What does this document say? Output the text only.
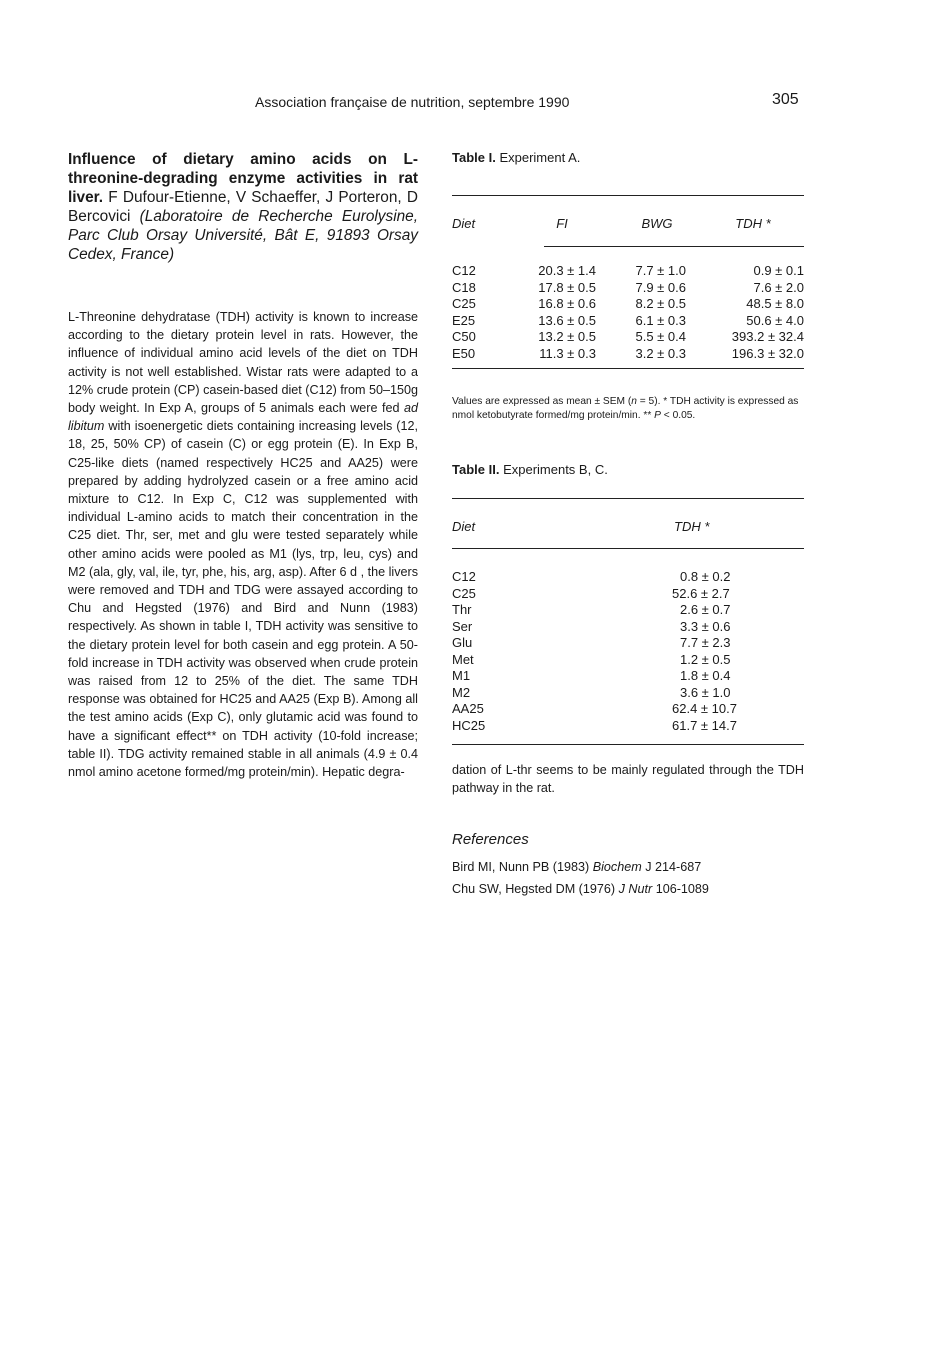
Association française de nutrition, septembre 1990	305

Influence of dietary amino acids on L-threonine-degrading enzyme activities in rat liver. F Dufour-Etienne, V Schaeffer, J Porteron, D Bercovici (Laboratoire de Recherche Eurolysine, Parc Club Orsay Université, Bât E, 91893 Orsay Cedex, France)

L-Threonine dehydratase (TDH) activity is known to increase according to the dietary protein level in rats. However, the influence of individual amino acid levels of the diet on TDH activity is not well established. Wistar rats were adapted to a 12% crude protein (CP) casein-based diet (C12) from 50–150g body weight. In Exp A, groups of 5 animals each were fed ad libitum with isoenergetic diets containing increasing levels (12, 18, 25, 50% CP) of casein (C) or egg protein (E). In Exp B, C25-like diets (named respectively HC25 and AA25) were prepared by adding hydrolyzed casein or a free amino acid mixture to C12. In Exp C, C12 was supplemented with individual L-amino acids to match their concentration in the C25 diet. Thr, ser, met and glu were tested separately while other amino acids were pooled as M1 (lys, trp, leu, cys) and M2 (ala, gly, val, ile, tyr, phe, his, arg, asp). After 6 d , the livers were removed and TDH and TDG were assayed according to Chu and Hegsted (1976) and Bird and Nunn (1983) respectively. As shown in table I, TDH activity was sensitive to the dietary protein level for both casein and egg protein. A 50-fold increase in TDH activity was observed when crude protein was raised from 12 to 25% of the diet. The same TDH response was obtained for HC25 and AA25 (Exp B). Among all the test amino acids (Exp C), only glutamic acid was found to have a significant effect** on TDH activity (10-fold increase; table II). TDG activity remained stable in all animals (4.9 ± 0.4 nmol amino acetone formed/mg protein/min). Hepatic degra-

Table I. Experiment A.

Diet	FI	BWG	TDH *
C12	20.3 ± 1.4	7.7 ± 1.0	0.9 ± 0.1
C18	17.8 ± 0.5	7.9 ± 0.6	7.6 ± 2.0
C25	16.8 ± 0.6	8.2 ± 0.5	48.5 ± 8.0
E25	13.6 ± 0.5	6.1 ± 0.3	50.6 ± 4.0
C50	13.2 ± 0.5	5.5 ± 0.4	393.2 ± 32.4
E50	11.3 ± 0.3	3.2 ± 0.3	196.3 ± 32.0

Values are expressed as mean ± SEM (n = 5). * TDH activity is expressed as nmol ketobutyrate formed/mg protein/min. ** P < 0.05.

Table II. Experiments B, C.

Diet	TDH *
C12	0.8 ± 0.2
C25	52.6 ± 2.7
Thr	2.6 ± 0.7
Ser	3.3 ± 0.6
Glu	7.7 ± 2.3
Met	1.2 ± 0.5
M1	1.8 ± 0.4
M2	3.6 ± 1.0
AA25	62.4 ± 10.7
HC25	61.7 ± 14.7

dation of L-thr seems to be mainly regulated through the TDH pathway in the rat.

References

Bird MI, Nunn PB (1983) Biochem J 214-687

Chu SW, Hegsted DM (1976) J Nutr 106-1089
